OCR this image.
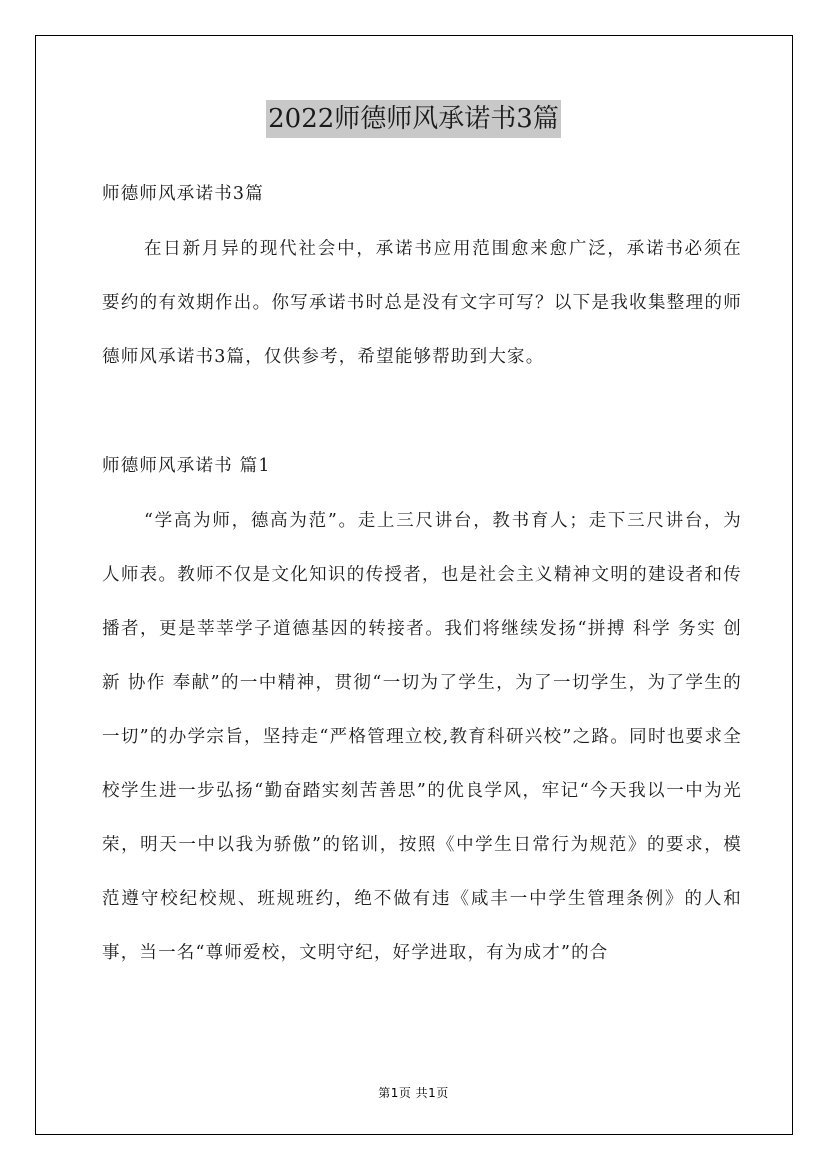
2022师德师风承诺书3篇
师德师风承诺书3篇
在日新月异的现代社会中，承诺书应用范围愈来愈广泛，承诺书必须在要约的有效期作出。你写承诺书时总是没有文字可写？以下是我收集整理的师德师风承诺书3篇，仅供参考，希望能够帮助到大家。
师德师风承诺书 篇1
“学高为师，德高为范”。走上三尺讲台，教书育人；走下三尺讲台，为人师表。教师不仅是文化知识的传授者，也是社会主义精神文明的建设者和传播者，更是莘莘学子道德基因的转接者。我们将继续发扬“拼搏 科学 务实 创新 协作 奉献”的一中精神，贯彻“一切为了学生，为了一切学生，为了学生的一切”的办学宗旨，坚持走“严格管理立校,教育科研兴校”之路。同时也要求全校学生进一步弘扬“勤奋踏实刻苦善思”的优良学风，牢记“今天我以一中为光荣，明天一中以我为骄傲”的铭训，按照《中学生日常行为规范》的要求，模范遵守校纪校规、班规班约，绝不做有违《咸丰一中学生管理条例》的人和事，当一名“尊师爱校，文明守纪，好学进取，有为成才”的合
第1页 共1页
